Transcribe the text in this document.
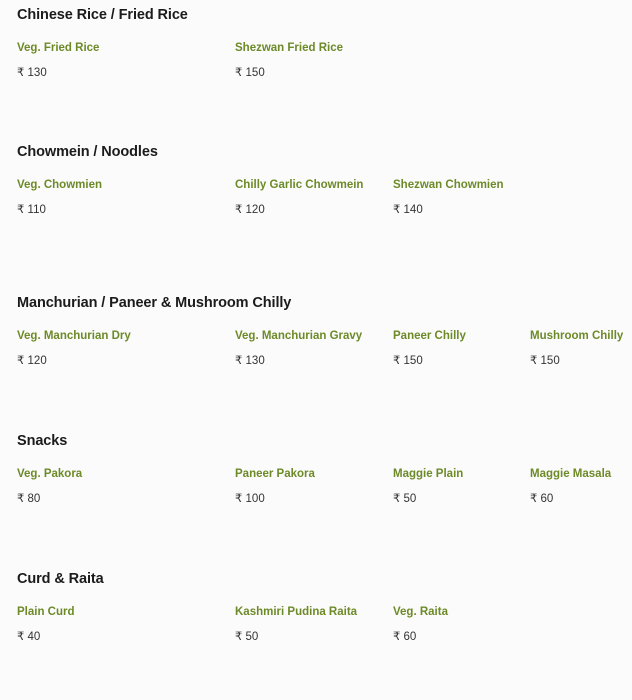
Chinese Rice / Fried Rice
Veg. Fried Rice
₹ 130
Shezwan Fried Rice
₹ 150
Chowmein / Noodles
Veg. Chowmien
₹ 110
Chilly Garlic Chowmein
₹ 120
Shezwan Chowmien
₹ 140
Manchurian / Paneer & Mushroom Chilly
Veg. Manchurian Dry
₹ 120
Veg. Manchurian Gravy
₹ 130
Paneer Chilly
₹ 150
Mushroom Chilly
₹ 150
Snacks
Veg. Pakora
₹ 80
Paneer Pakora
₹ 100
Maggie Plain
₹ 50
Maggie Masala
₹ 60
Curd & Raita
Plain Curd
₹ 40
Kashmiri Pudina Raita
₹ 50
Veg. Raita
₹ 60
